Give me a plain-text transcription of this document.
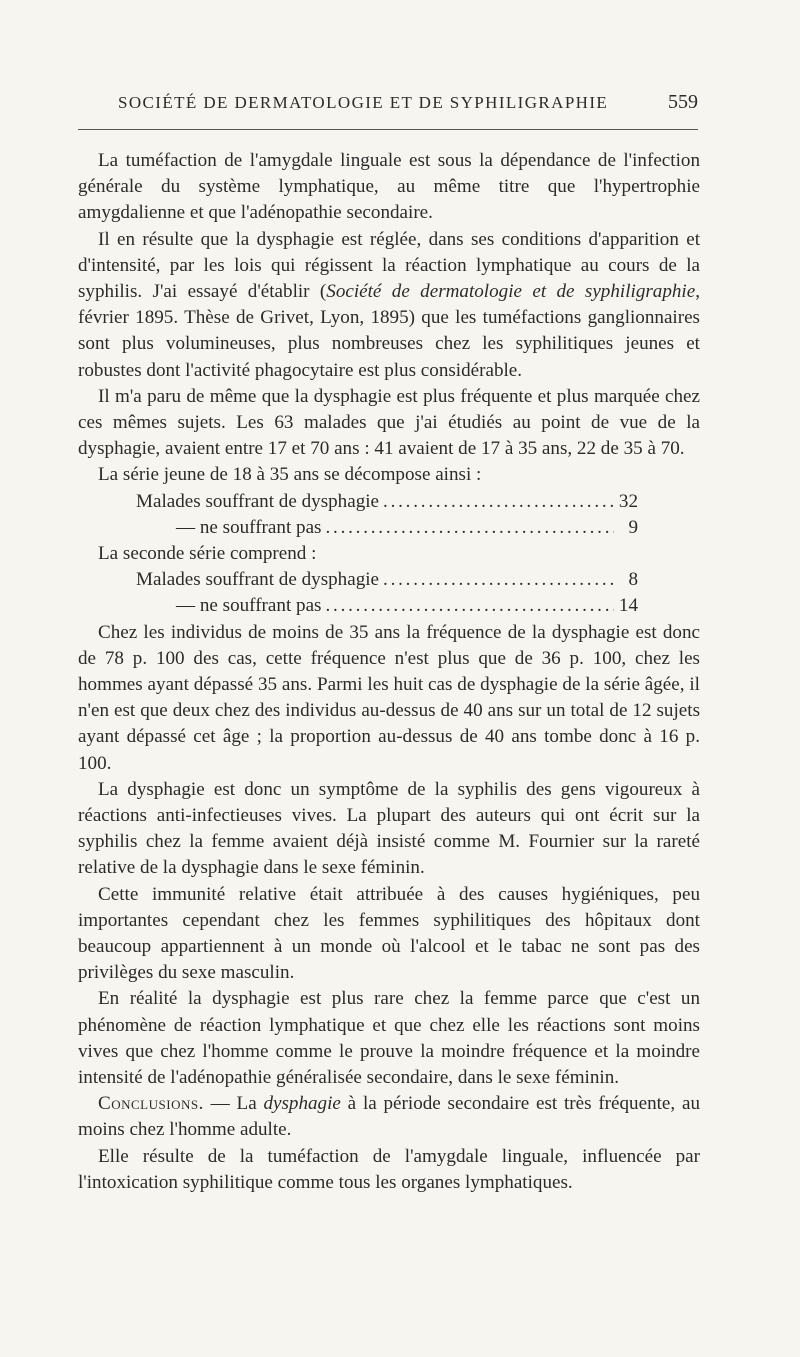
SOCIÉTÉ DE DERMATOLOGIE ET DE SYPHILIGRAPHIE	559

La tuméfaction de l'amygdale linguale est sous la dépendance de l'infection générale du système lymphatique, au même titre que l'hypertrophie amygdalienne et que l'adénopathie secondaire.

Il en résulte que la dysphagie est réglée, dans ses conditions d'apparition et d'intensité, par les lois qui régissent la réaction lymphatique au cours de la syphilis. J'ai essayé d'établir (Société de dermatologie et de syphiligraphie, février 1895. Thèse de Grivet, Lyon, 1895) que les tuméfactions ganglionnaires sont plus volumineuses, plus nombreuses chez les syphilitiques jeunes et robustes dont l'activité phagocytaire est plus considérable.

Il m'a paru de même que la dysphagie est plus fréquente et plus marquée chez ces mêmes sujets. Les 63 malades que j'ai étudiés au point de vue de la dysphagie, avaient entre 17 et 70 ans : 41 avaient de 17 à 35 ans, 22 de 35 à 70.

La série jeune de 18 à 35 ans se décompose ainsi :

Malades souffrant de dysphagie . . .	32
— ne souffrant pas . . .	9

La seconde série comprend :

Malades souffrant de dysphagie . . .	8
— ne souffrant pas . . .	14

Chez les individus de moins de 35 ans la fréquence de la dysphagie est donc de 78 p. 100 des cas, cette fréquence n'est plus que de 36 p. 100, chez les hommes ayant dépassé 35 ans. Parmi les huit cas de dysphagie de la série âgée, il n'en est que deux chez des individus au-dessus de 40 ans sur un total de 12 sujets ayant dépassé cet âge ; la proportion au-dessus de 40 ans tombe donc à 16 p. 100.

La dysphagie est donc un symptôme de la syphilis des gens vigoureux à réactions anti-infectieuses vives. La plupart des auteurs qui ont écrit sur la syphilis chez la femme avaient déjà insisté comme M. Fournier sur la rareté relative de la dysphagie dans le sexe féminin.

Cette immunité relative était attribuée à des causes hygiéniques, peu importantes cependant chez les femmes syphilitiques des hôpitaux dont beaucoup appartiennent à un monde où l'alcool et le tabac ne sont pas des privilèges du sexe masculin.

En réalité la dysphagie est plus rare chez la femme parce que c'est un phénomène de réaction lymphatique et que chez elle les réactions sont moins vives que chez l'homme comme le prouve la moindre fréquence et la moindre intensité de l'adénopathie généralisée secondaire, dans le sexe féminin.

Conclusions. — La dysphagie à la période secondaire est très fréquente, au moins chez l'homme adulte.

Elle résulte de la tuméfaction de l'amygdale linguale, influencée par l'intoxication syphilitique comme tous les organes lymphatiques.
